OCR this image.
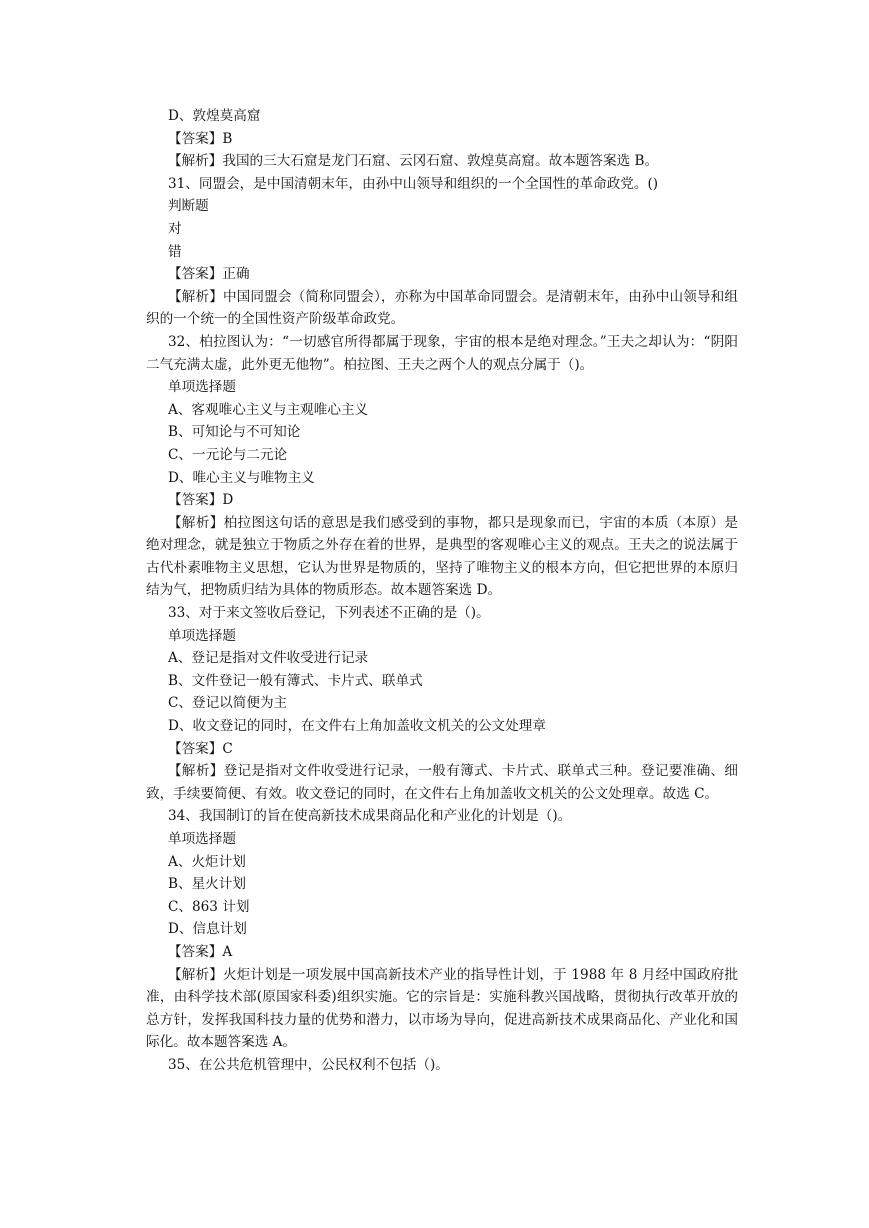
D、敦煌莫高窟
【答案】B
【解析】我国的三大石窟是龙门石窟、云冈石窟、敦煌莫高窟。故本题答案选 B。
31、同盟会，是中国清朝末年，由孙中山领导和组织的一个全国性的革命政党。()
判断题
对
错
【答案】正确
【解析】中国同盟会（简称同盟会），亦称为中国革命同盟会。是清朝末年，由孙中山领导和组织的一个统一的全国性资产阶级革命政党。
32、柏拉图认为：“一切感官所得都属于现象，宇宙的根本是绝对理念。”王夫之却认为：“阴阳二气充满太虚，此外更无他物”。柏拉图、王夫之两个人的观点分属于（)。
单项选择题
A、客观唯心主义与主观唯心主义
B、可知论与不可知论
C、一元论与二元论
D、唯心主义与唯物主义
【答案】D
【解析】柏拉图这句话的意思是我们感受到的事物，都只是现象而已，宇宙的本质（本原）是绝对理念，就是独立于物质之外存在着的世界，是典型的客观唯心主义的观点。王夫之的说法属于古代朴素唯物主义思想，它认为世界是物质的，坚持了唯物主义的根本方向，但它把世界的本原归结为气，把物质归结为具体的物质形态。故本题答案选 D。
33、对于来文签收后登记，下列表述不正确的是（)。
单项选择题
A、登记是指对文件收受进行记录
B、文件登记一般有簿式、卡片式、联单式
C、登记以简便为主
D、收文登记的同时，在文件右上角加盖收文机关的公文处理章
【答案】C
【解析】登记是指对文件收受进行记录，一般有簿式、卡片式、联单式三种。登记要准确、细致，手续要简便、有效。收文登记的同时，在文件右上角加盖收文机关的公文处理章。故选 C。
34、我国制订的旨在使高新技术成果商品化和产业化的计划是（)。
单项选择题
A、火炬计划
B、星火计划
C、863 计划
D、信息计划
【答案】A
【解析】火炬计划是一项发展中国高新技术产业的指导性计划，于 1988 年 8 月经中国政府批准，由科学技术部(原国家科委)组织实施。它的宗旨是：实施科教兴国战略，贯彻执行改革开放的总方针，发挥我国科技力量的优势和潜力，以市场为导向，促进高新技术成果商品化、产业化和国际化。故本题答案选 A。
35、在公共危机管理中，公民权利不包括（)。
